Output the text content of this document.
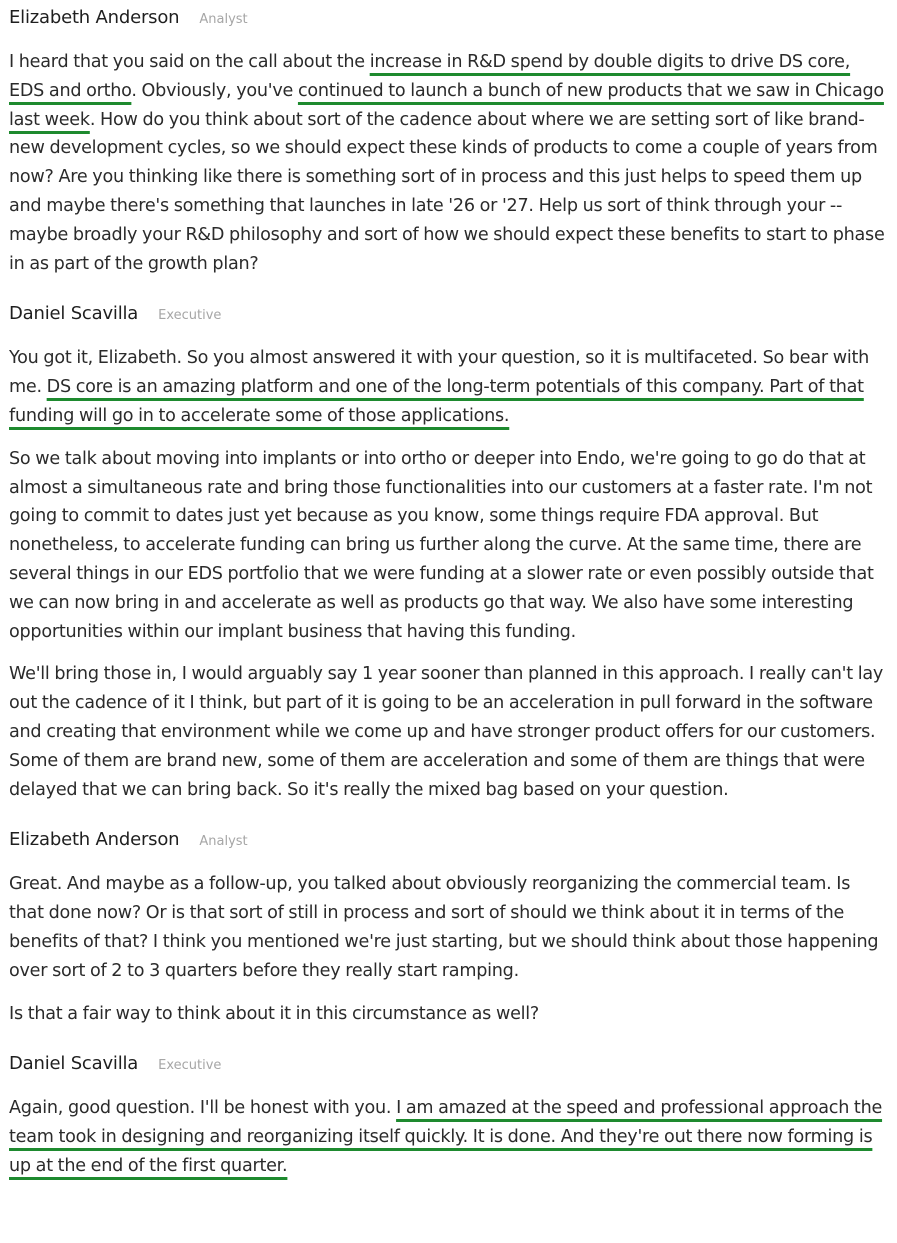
Elizabeth Anderson Analyst

I heard that you said on the call about the increase in R&D spend by double digits to drive DS core, EDS and ortho. Obviously, you've continued to launch a bunch of new products that we saw in Chicago last week. How do you think about sort of the cadence about where we are setting sort of like brand-new development cycles, so we should expect these kinds of products to come a couple of years from now? Are you thinking like there is something sort of in process and this just helps to speed them up and maybe there's something that launches in late '26 or '27. Help us sort of think through your -- maybe broadly your R&D philosophy and sort of how we should expect these benefits to start to phase in as part of the growth plan?

Daniel Scavilla Executive

You got it, Elizabeth. So you almost answered it with your question, so it is multifaceted. So bear with me. DS core is an amazing platform and one of the long-term potentials of this company. Part of that funding will go in to accelerate some of those applications.

So we talk about moving into implants or into ortho or deeper into Endo, we're going to go do that at almost a simultaneous rate and bring those functionalities into our customers at a faster rate. I'm not going to commit to dates just yet because as you know, some things require FDA approval. But nonetheless, to accelerate funding can bring us further along the curve. At the same time, there are several things in our EDS portfolio that we were funding at a slower rate or even possibly outside that we can now bring in and accelerate as well as products go that way. We also have some interesting opportunities within our implant business that having this funding.

We'll bring those in, I would arguably say 1 year sooner than planned in this approach. I really can't lay out the cadence of it I think, but part of it is going to be an acceleration in pull forward in the software and creating that environment while we come up and have stronger product offers for our customers. Some of them are brand new, some of them are acceleration and some of them are things that were delayed that we can bring back. So it's really the mixed bag based on your question.

Elizabeth Anderson Analyst

Great. And maybe as a follow-up, you talked about obviously reorganizing the commercial team. Is that done now? Or is that sort of still in process and sort of should we think about it in terms of the benefits of that? I think you mentioned we're just starting, but we should think about those happening over sort of 2 to 3 quarters before they really start ramping.

Is that a fair way to think about it in this circumstance as well?

Daniel Scavilla Executive

Again, good question. I'll be honest with you. I am amazed at the speed and professional approach the team took in designing and reorganizing itself quickly. It is done. And they're out there now forming is up at the end of the first quarter.
